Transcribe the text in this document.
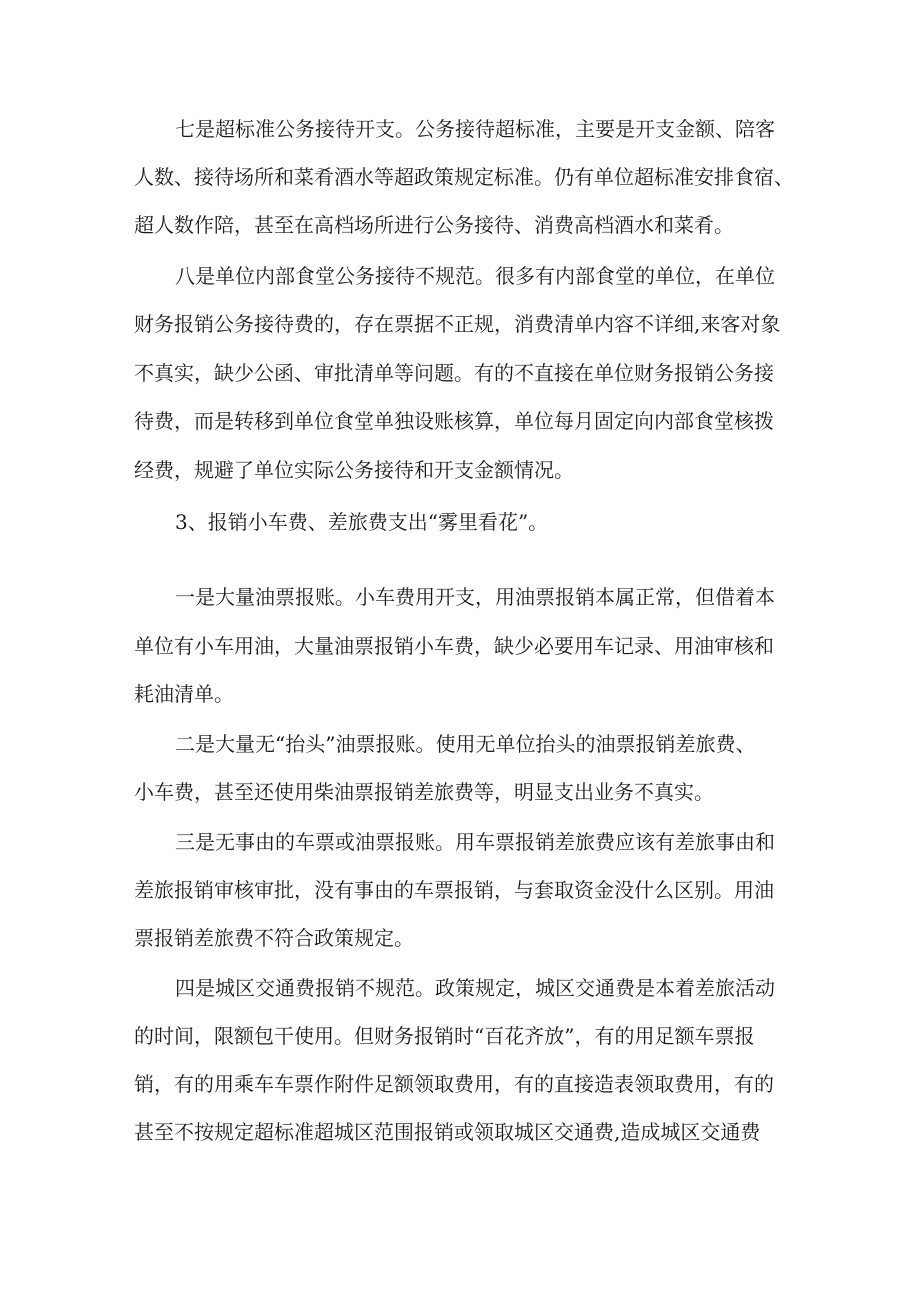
七是超标准公务接待开支。公务接待超标准，主要是开支金额、陪客

人数、接待场所和菜肴酒水等超政策规定标准。仍有单位超标准安排食宿、

超人数作陪，甚至在高档场所进行公务接待、消费高档酒水和菜肴。

八是单位内部食堂公务接待不规范。很多有内部食堂的单位，在单位

财务报销公务接待费的，存在票据不正规，消费清单内容不详细,来客对象

不真实，缺少公函、审批清单等问题。有的不直接在单位财务报销公务接

待费，而是转移到单位食堂单独设账核算，单位每月固定向内部食堂核拨

经费，规避了单位实际公务接待和开支金额情况。

3、报销小车费、差旅费支出“雾里看花”。

一是大量油票报账。小车费用开支，用油票报销本属正常，但借着本

单位有小车用油，大量油票报销小车费，缺少必要用车记录、用油审核和

耗油清单。

二是大量无“抬头”油票报账。使用无单位抬头的油票报销差旅费、

小车费，甚至还使用柴油票报销差旅费等，明显支出业务不真实。

三是无事由的车票或油票报账。用车票报销差旅费应该有差旅事由和

差旅报销审核审批，没有事由的车票报销，与套取资金没什么区别。用油

票报销差旅费不符合政策规定。

四是城区交通费报销不规范。政策规定，城区交通费是本着差旅活动

的时间，限额包干使用。但财务报销时“百花齐放”，有的用足额车票报

销，有的用乘车车票作附件足额领取费用，有的直接造表领取费用，有的

甚至不按规定超标准超城区范围报销或领取城区交通费,造成城区交通费
